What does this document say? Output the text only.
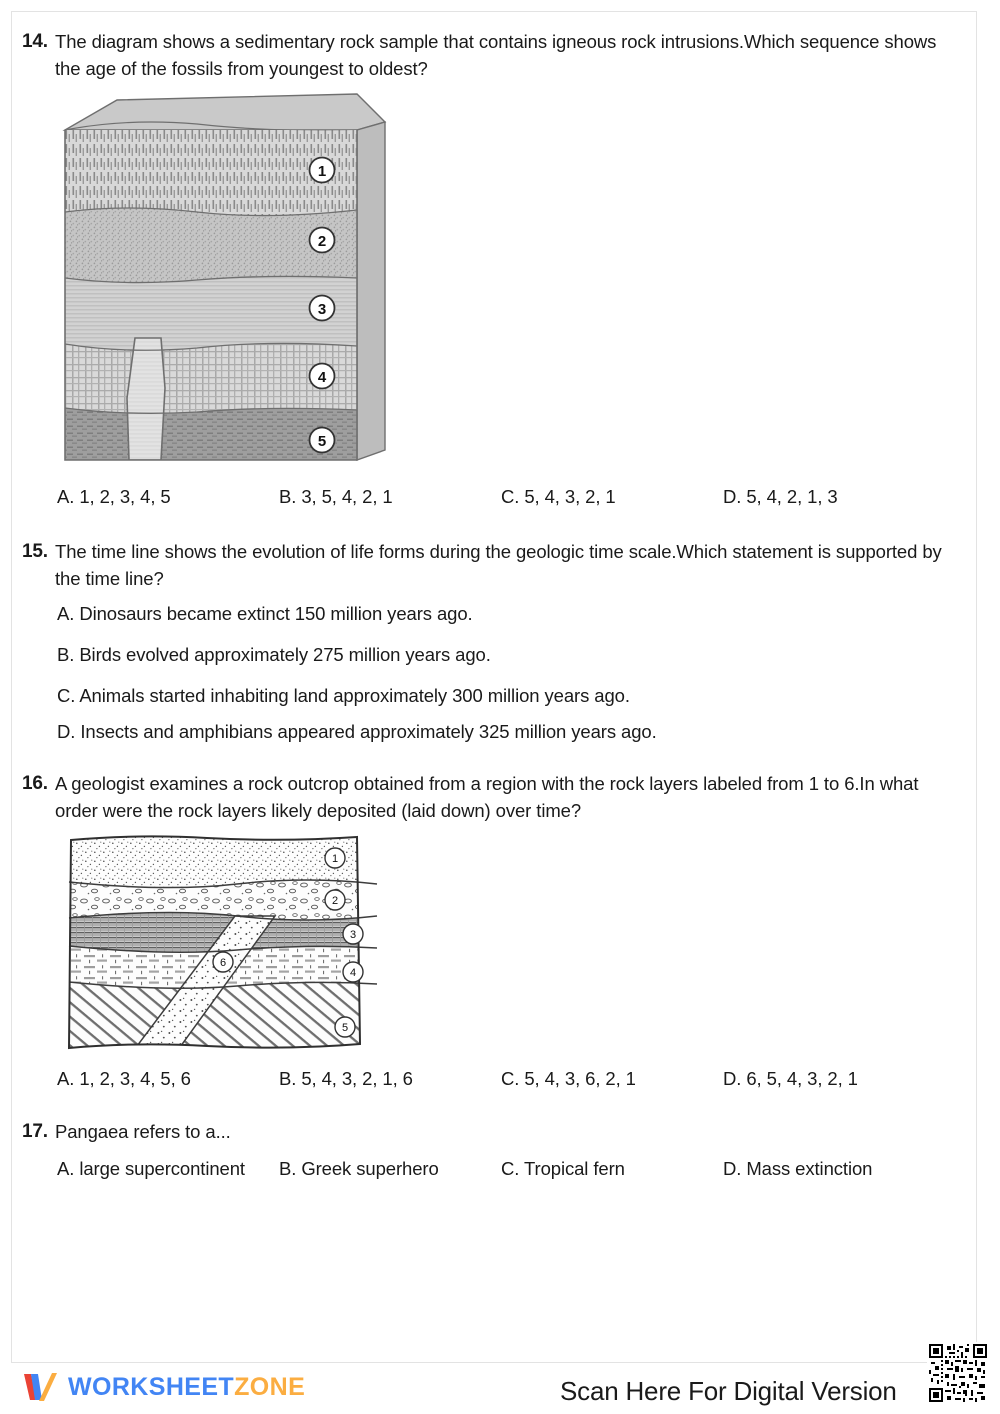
14. The diagram shows a sedimentary rock sample that contains igneous rock intrusions.Which sequence shows the age of the fossils from youngest to oldest?
1
2
3
4
5
A. 1, 2, 3, 4, 5	B. 3, 5, 4, 2, 1	C. 5, 4, 3, 2, 1	D. 5, 4, 2, 1, 3
15. The time line shows the evolution of life forms during the geologic time scale.Which statement is supported by the time line?
A. Dinosaurs became extinct 150 million years ago.
B. Birds evolved approximately 275 million years ago.
C. Animals started inhabiting land approximately 300 million years ago.
D. Insects and amphibians appeared approximately 325 million years ago.
16. A geologist examines a rock outcrop obtained from a region with the rock layers labeled from 1 to 6.In what order were the rock layers likely deposited (laid down) over time?
1
2
3
4
5
6
A. 1, 2, 3, 4, 5, 6	B. 5, 4, 3, 2, 1, 6	C. 5, 4, 3, 6, 2, 1	D. 6, 5, 4, 3, 2, 1
17. Pangaea refers to a...
A. large supercontinent	B. Greek superhero	C. Tropical fern	D. Mass extinction
WORKSHEETZONE	Scan Here For Digital Version
